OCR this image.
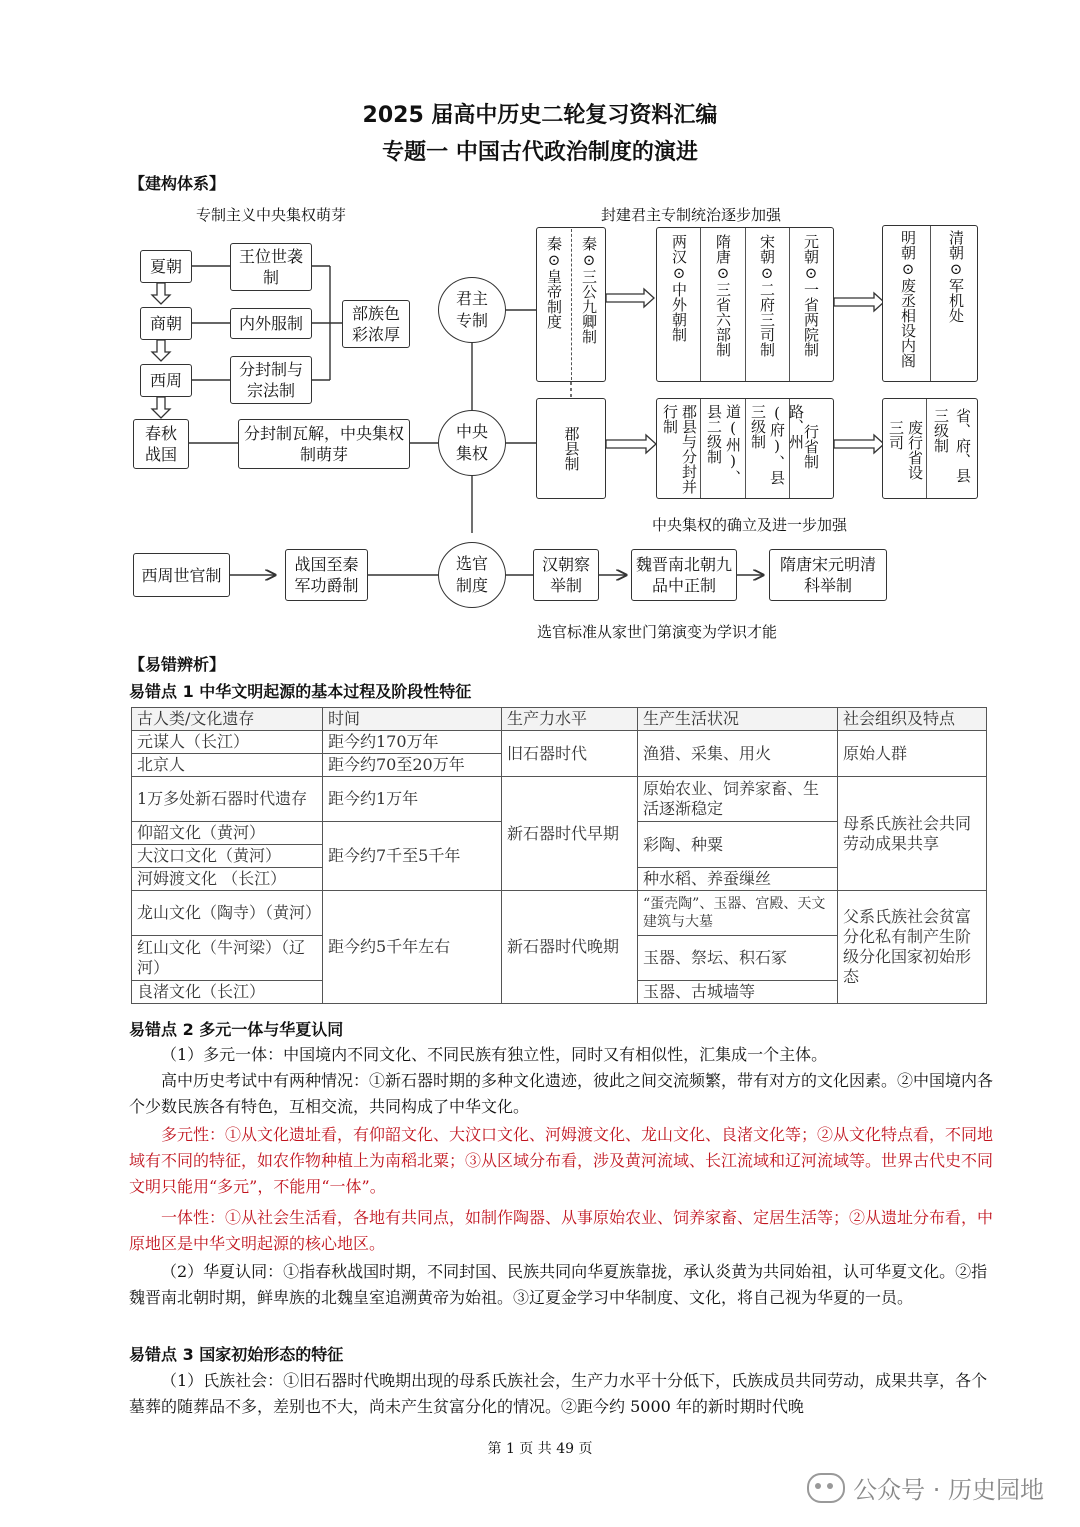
2025 届高中历史二轮复习资料汇编
专题一 中国古代政治制度的演进
【建构体系】
专制主义中央集权萌芽	封建君主专制统治逐步加强
中央集权的确立及进一步加强
选官标准从家世门第演变为学识才能
夏朝
商朝
西周
春秋战国
王位世袭制
内外服制
分封制与宗法制
部族色彩浓厚
分封制瓦解，中央集权制萌芽
君主专制
中央集权
选官制度
秦⊙皇帝制度 秦⊙三公九卿制
郡县制
两汉⊙中外朝制 隋唐⊙三省六部制 宋朝⊙二府三司制 元朝⊙一省两院制	明朝⊙废丞相设内阁 清朝⊙军机处
郡县与分封并行制	道(州)、县二级制	路、州(府)、县三级制	行省制	废行省设三司	省、府、县三级制
西周世官制
战国至秦军功爵制
汉朝察举制
魏晋南北朝九品中正制
隋唐宋元明清科举制
【易错辨析】
易错点 1 中华文明起源的基本过程及阶段性特征
古人类/文化遗存	时间	生产力水平	生产生活状况	社会组织及特点
元谋人（长江）	距今约170万年	旧石器时代	渔猎、采集、用火	原始人群
北京人	距今约70至20万年			
1万多处新石器时代遗存	距今约1万年	新石器时代早期	原始农业、饲养家畜、生活逐渐稳定	母系氏族社会共同劳动成果共享
仰韶文化（黄河）	距今约7千至5千年		彩陶、种粟	
大汶口文化（黄河）				
河姆渡文化 （长江）			种水稻、养蚕缫丝	
龙山文化（陶寺）（黄河）	距今约5千年左右	新石器时代晚期	“蛋壳陶”、玉器、宫殿、天文建筑与大墓	父系氏族社会贫富分化私有制产生阶级分化国家初始形态
红山文化（牛河梁）（辽河）			玉器、祭坛、积石冢	
良渚文化（长江）			玉器、古城墙等	
易错点 2 多元一体与华夏认同
（1）多元一体：中国境内不同文化、不同民族有独立性，同时又有相似性，汇集成一个主体。
高中历史考试中有两种情况：①新石器时期的多种文化遗迹，彼此之间交流频繁，带有对方的文化因素。②中国境内各个少数民族各有特色，互相交流，共同构成了中华文化。
多元性：①从文化遗址看，有仰韶文化、大汶口文化、河姆渡文化、龙山文化、良渚文化等；②从文化特点看，不同地域有不同的特征，如农作物种植上为南稻北粟；③从区域分布看，涉及黄河流域、长江流域和辽河流域等。世界古代史不同文明只能用“多元”，不能用“一体”。
一体性：①从社会生活看，各地有共同点，如制作陶器、从事原始农业、饲养家畜、定居生活等；②从遗址分布看，中原地区是中华文明起源的核心地区。
（2）华夏认同：①指春秋战国时期，不同封国、民族共同向华夏族靠拢，承认炎黄为共同始祖，认可华夏文化。②指魏晋南北朝时期，鲜卑族的北魏皇室追溯黄帝为始祖。③辽夏金学习中华制度、文化，将自己视为华夏的一员。
易错点 3 国家初始形态的特征
（1）氏族社会：①旧石器时代晚期出现的母系氏族社会，生产力水平十分低下，氏族成员共同劳动，成果共享，各个墓葬的随葬品不多，差别也不大，尚未产生贫富分化的情况。②距今约 5000 年的新时期时代晚
第 1 页 共 49 页
公众号 · 历史园地
